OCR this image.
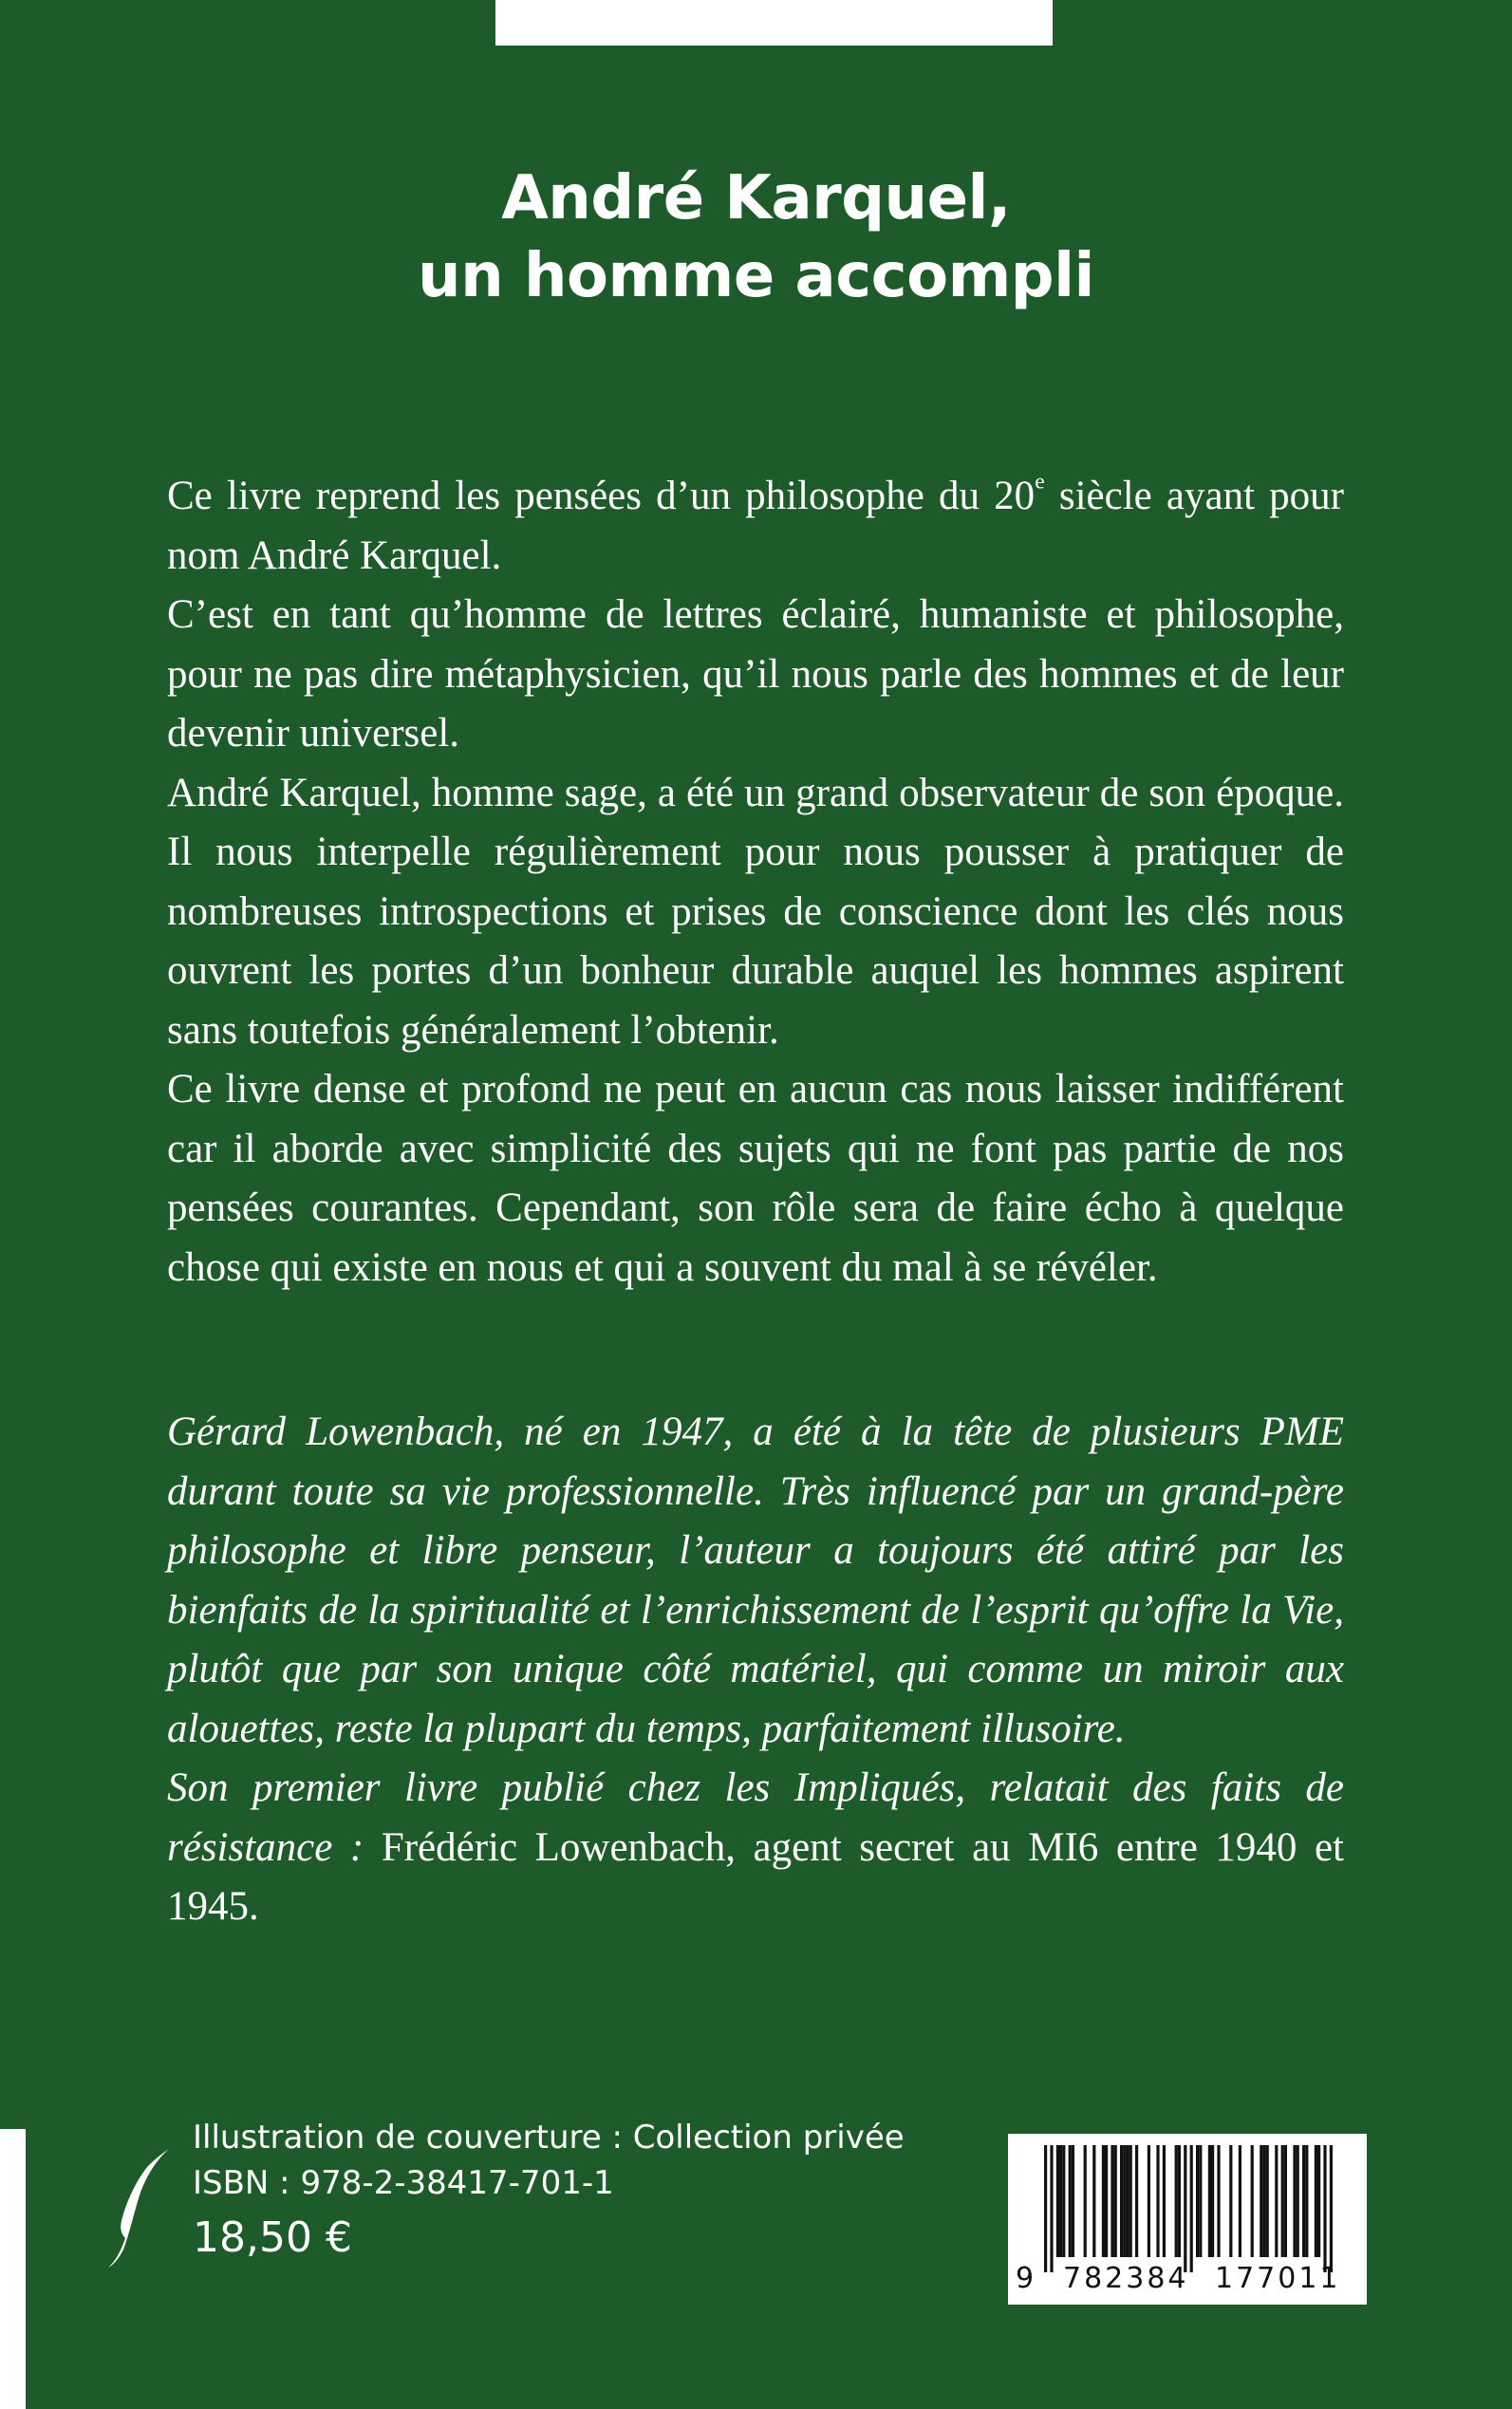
André Karquel,
un homme accompli

Ce livre reprend les pensées d’un philosophe du 20e siècle ayant pour nom André Karquel.

C’est en tant qu’homme de lettres éclairé, humaniste et philosophe, pour ne pas dire métaphysicien, qu’il nous parle des hommes et de leur devenir universel.

André Karquel, homme sage, a été un grand observateur de son époque. Il nous interpelle régulièrement pour nous pousser à pratiquer de nombreuses introspections et prises de conscience dont les clés nous ouvrent les portes d’un bonheur durable auquel les hommes aspirent sans toutefois généralement l’obtenir.

Ce livre dense et profond ne peut en aucun cas nous laisser indifférent car il aborde avec simplicité des sujets qui ne font pas partie de nos pensées courantes. Cependant, son rôle sera de faire écho à quelque chose qui existe en nous et qui a souvent du mal à se révéler.

Gérard Lowenbach, né en 1947, a été à la tête de plusieurs PME durant toute sa vie professionnelle. Très influencé par un grand-père philosophe et libre penseur, l’auteur a toujours été attiré par les bienfaits de la spiritualité et l’enrichissement de l’esprit qu’offre la Vie, plutôt que par son unique côté matériel, qui comme un miroir aux alouettes, reste la plupart du temps, parfaitement illusoire.

Son premier livre publié chez les Impliqués, relatait des faits de résistance : Frédéric Lowenbach, agent secret au MI6 entre 1940 et 1945.

Illustration de couverture : Collection privée
ISBN : 978-2-38417-701-1
18,50 €
9 782384 177011
